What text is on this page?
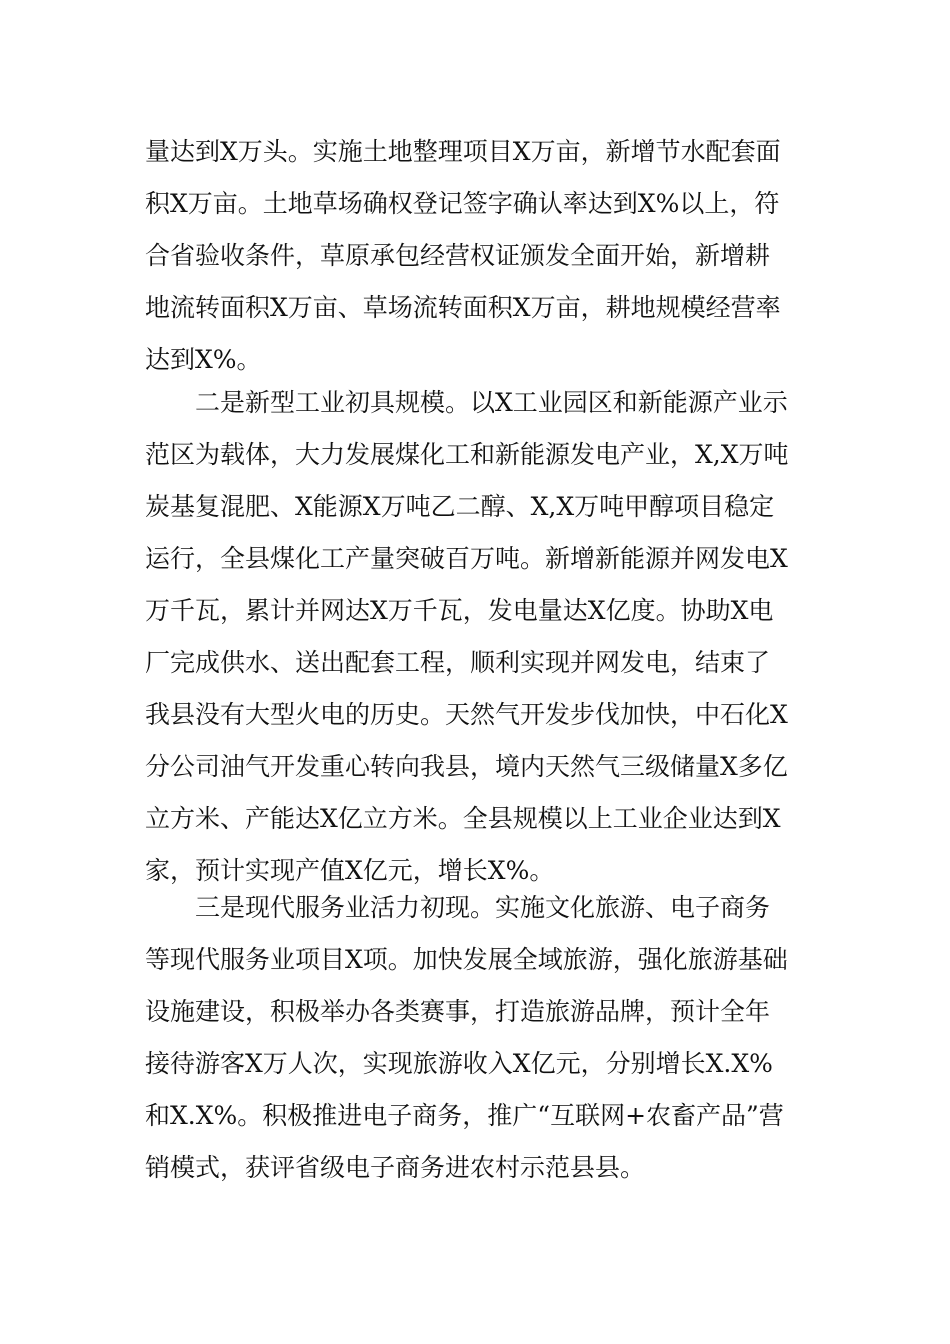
量达到X万头。实施土地整理项目X万亩，新增节水配套面
积X万亩。土地草场确权登记签字确认率达到X%以上，符
合省验收条件，草原承包经营权证颁发全面开始，新增耕
地流转面积X万亩、草场流转面积X万亩，耕地规模经营率
达到X%。
二是新型工业初具规模。以X工业园区和新能源产业示
范区为载体，大力发展煤化工和新能源发电产业，X,X万吨
炭基复混肥、X能源X万吨乙二醇、X,X万吨甲醇项目稳定
运行，全县煤化工产量突破百万吨。新增新能源并网发电X
万千瓦，累计并网达X万千瓦，发电量达X亿度。协助X电
厂完成供水、送出配套工程，顺利实现并网发电，结束了
我县没有大型火电的历史。天然气开发步伐加快，中石化X
分公司油气开发重心转向我县，境内天然气三级储量X多亿
立方米、产能达X亿立方米。全县规模以上工业企业达到X
家，预计实现产值X亿元，增长X%。
三是现代服务业活力初现。实施文化旅游、电子商务
等现代服务业项目X项。加快发展全域旅游，强化旅游基础
设施建设，积极举办各类赛事，打造旅游品牌，预计全年
接待游客X万人次，实现旅游收入X亿元，分别增长X.X%
和X.X%。积极推进电子商务，推广“互联网+农畜产品”营
销模式，获评省级电子商务进农村示范县县。
